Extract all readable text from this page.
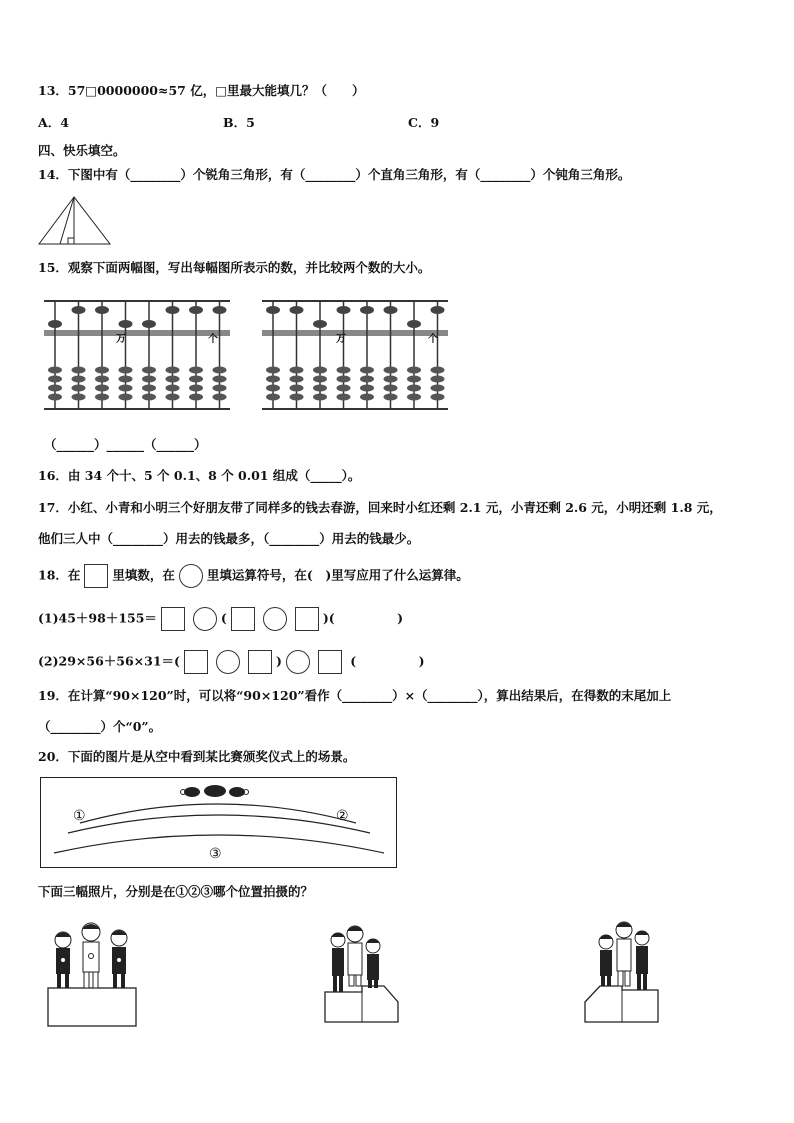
13．57□0000000≈57 亿，□里最大能填几？（　　）
A．4	B．5	C．9
四、快乐填空。
14．下图中有（________）个锐角三角形，有（________）个直角三角形，有（________）个钝角三角形。
15．观察下面两幅图，写出每幅图所表示的数，并比较两个数的大小。
万	个	万	个
（______）______（______）
16．由 34 个十、5 个 0.1、8 个 0.01 组成（_____）。
17．小红、小青和小明三个好朋友带了同样多的钱去春游，回来时小红还剩 2.1 元，小青还剩 2.6 元，小明还剩 1.8 元，
他们三人中（________）用去的钱最多，（________）用去的钱最少。
18．在	里填数，在	里填运算符号，在(　)里写应用了什么运算律。
(1)45＋98＋155＝	(	)(　　　　　)
(2)29×56＋56×31＝(	)	(　　　　　)
19．在计算“90×120”时，可以将“90×120”看作（________）×（________），算出结果后，在得数的末尾加上
（________）个“0”。
20．下面的图片是从空中看到某比赛颁奖仪式上的场景。
①	②
③
下面三幅照片，分别是在①②③哪个位置拍摄的？
